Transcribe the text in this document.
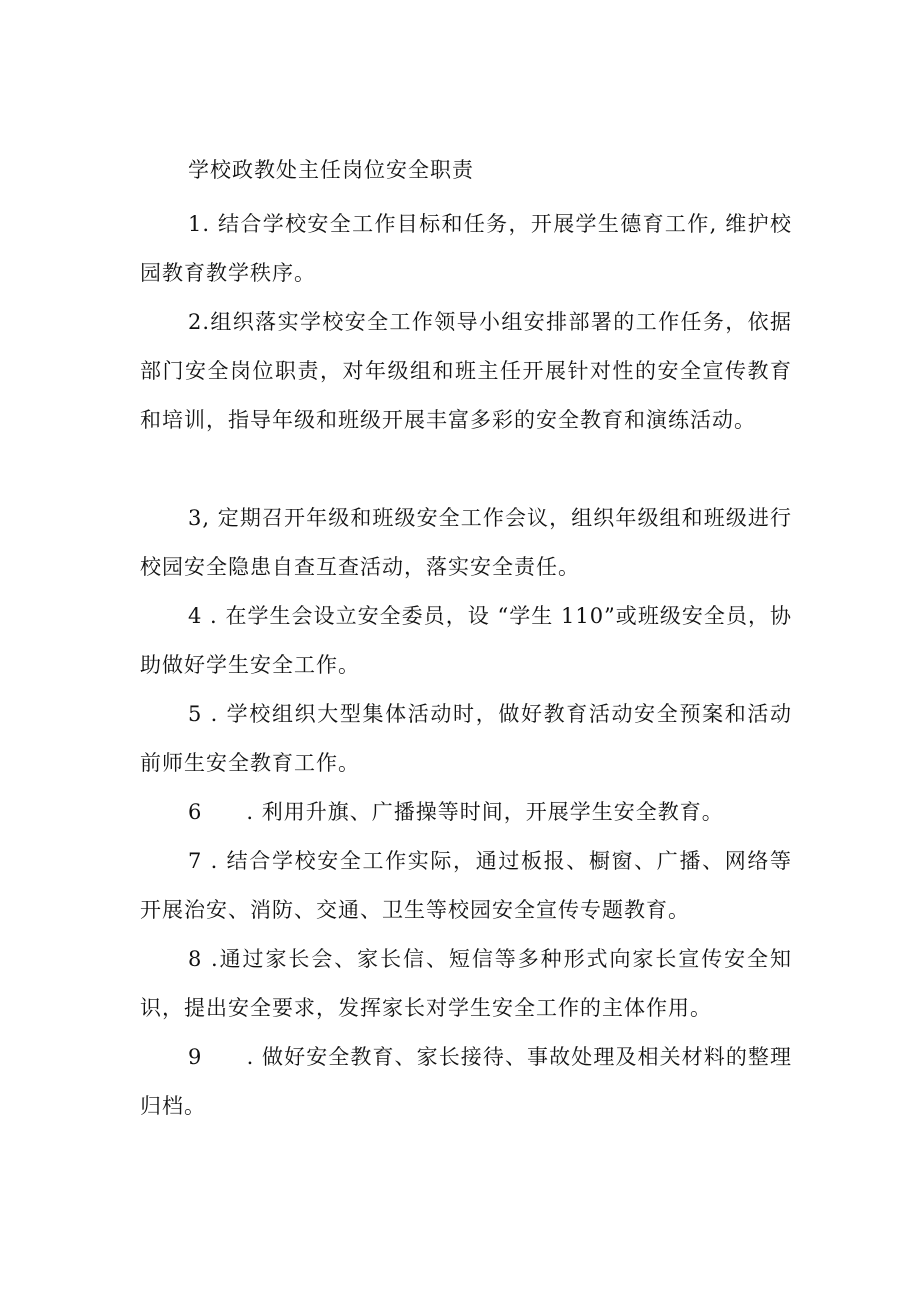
学校政教处主任岗位安全职责
1. 结合学校安全工作目标和任务，开展学生德育工作, 维护校园教育教学秩序。
2.组织落实学校安全工作领导小组安排部署的工作任务，依据部门安全岗位职责，对年级组和班主任开展针对性的安全宣传教育和培训，指导年级和班级开展丰富多彩的安全教育和演练活动。
3, 定期召开年级和班级安全工作会议，组织年级组和班级进行校园安全隐患自查互查活动，落实安全责任。
4 . 在学生会设立安全委员，设 “学生 110”或班级安全员，协助做好学生安全工作。
5 . 学校组织大型集体活动时，做好教育活动安全预案和活动前师生安全教育工作。
6　　. 利用升旗、广播操等时间，开展学生安全教育。
7 . 结合学校安全工作实际，通过板报、橱窗、广播、网络等开展治安、消防、交通、卫生等校园安全宣传专题教育。
8 .通过家长会、家长信、短信等多种形式向家长宣传安全知识，提出安全要求，发挥家长对学生安全工作的主体作用。
9　　. 做好安全教育、家长接待、事故处理及相关材料的整理归档。
